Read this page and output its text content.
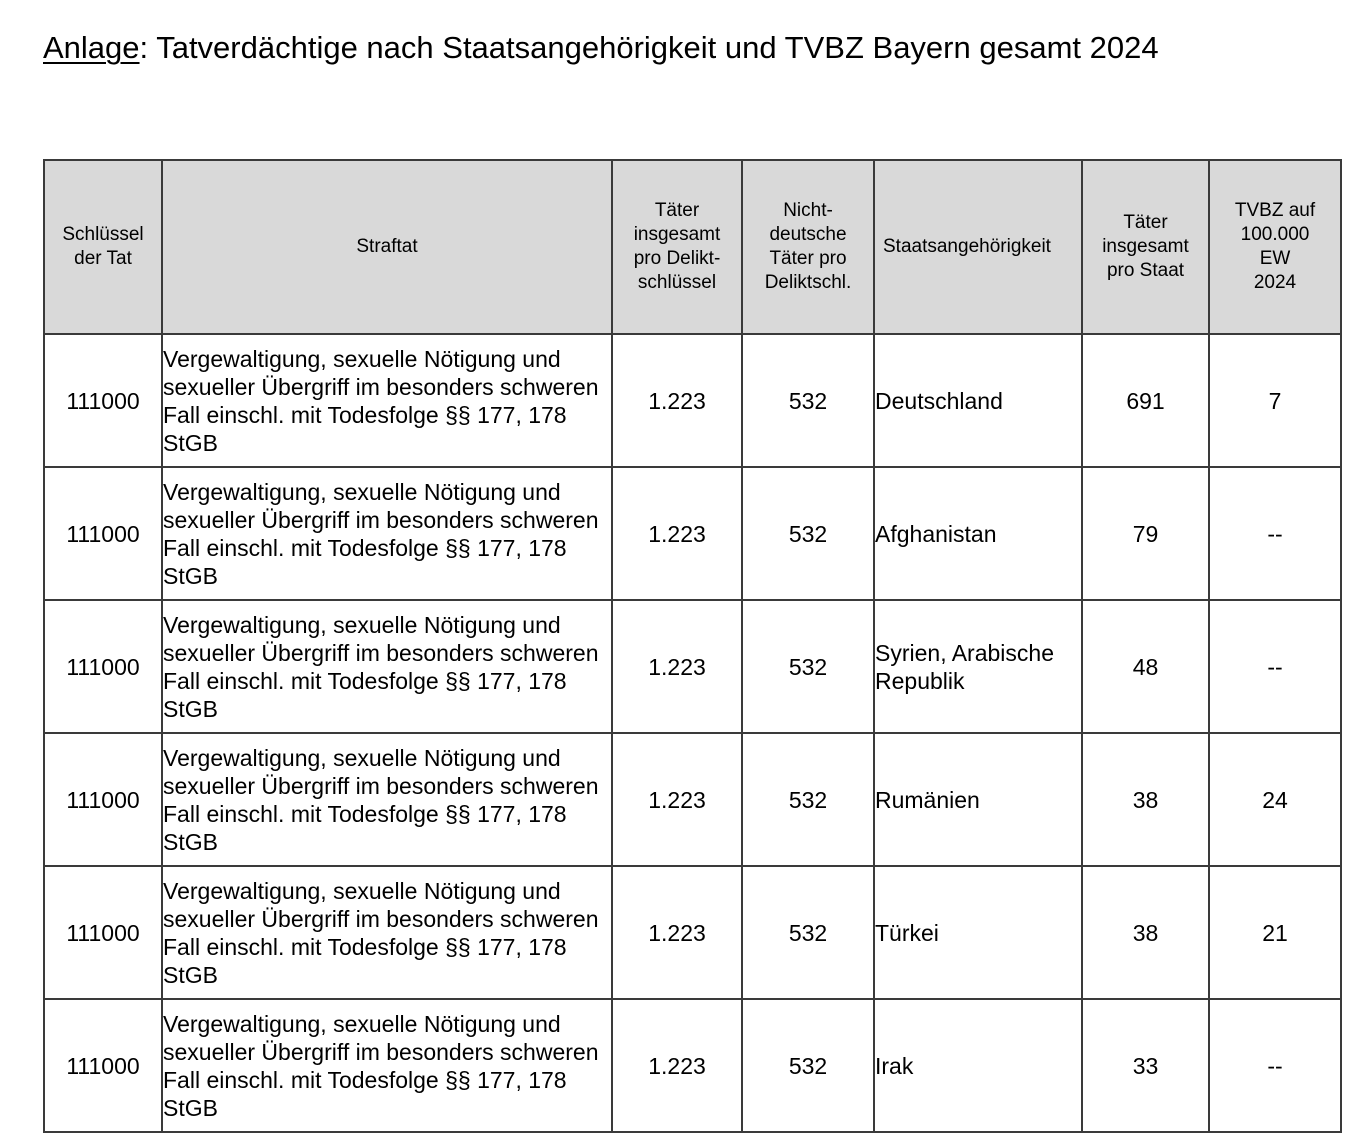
Anlage: Tatverdächtige nach Staatsangehörigkeit und TVBZ Bayern gesamt 2024
Schlüssel
der Tat	Straftat	Täter
insgesamt
pro Delikt-
schlüssel	Nicht-
deutsche
Täter pro
Deliktschl.	Staatsangehörigkeit	Täter
insgesamt
pro Staat	TVBZ auf
100.000
EW
2024
111000	Vergewaltigung, sexuelle Nötigung und sexueller Übergriff im besonders schweren Fall einschl. mit Todesfolge §§ 177, 178 StGB	1.223	532	Deutschland	691	7
111000	Vergewaltigung, sexuelle Nötigung und sexueller Übergriff im besonders schweren Fall einschl. mit Todesfolge §§ 177, 178 StGB	1.223	532	Afghanistan	79	--
111000	Vergewaltigung, sexuelle Nötigung und sexueller Übergriff im besonders schweren Fall einschl. mit Todesfolge §§ 177, 178 StGB	1.223	532	Syrien, Arabische Republik	48	--
111000	Vergewaltigung, sexuelle Nötigung und sexueller Übergriff im besonders schweren Fall einschl. mit Todesfolge §§ 177, 178 StGB	1.223	532	Rumänien	38	24
111000	Vergewaltigung, sexuelle Nötigung und sexueller Übergriff im besonders schweren Fall einschl. mit Todesfolge §§ 177, 178 StGB	1.223	532	Türkei	38	21
111000	Vergewaltigung, sexuelle Nötigung und sexueller Übergriff im besonders schweren Fall einschl. mit Todesfolge §§ 177, 178 StGB	1.223	532	Irak	33	--
